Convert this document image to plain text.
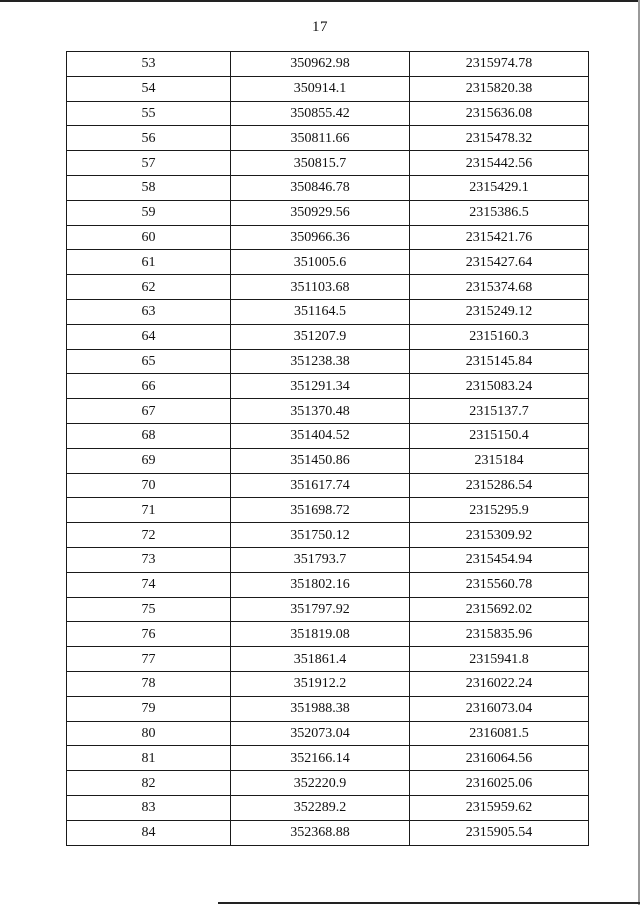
17
53	350962.98	2315974.78
54	350914.1	2315820.38
55	350855.42	2315636.08
56	350811.66	2315478.32
57	350815.7	2315442.56
58	350846.78	2315429.1
59	350929.56	2315386.5
60	350966.36	2315421.76
61	351005.6	2315427.64
62	351103.68	2315374.68
63	351164.5	2315249.12
64	351207.9	2315160.3
65	351238.38	2315145.84
66	351291.34	2315083.24
67	351370.48	2315137.7
68	351404.52	2315150.4
69	351450.86	2315184
70	351617.74	2315286.54
71	351698.72	2315295.9
72	351750.12	2315309.92
73	351793.7	2315454.94
74	351802.16	2315560.78
75	351797.92	2315692.02
76	351819.08	2315835.96
77	351861.4	2315941.8
78	351912.2	2316022.24
79	351988.38	2316073.04
80	352073.04	2316081.5
81	352166.14	2316064.56
82	352220.9	2316025.06
83	352289.2	2315959.62
84	352368.88	2315905.54
